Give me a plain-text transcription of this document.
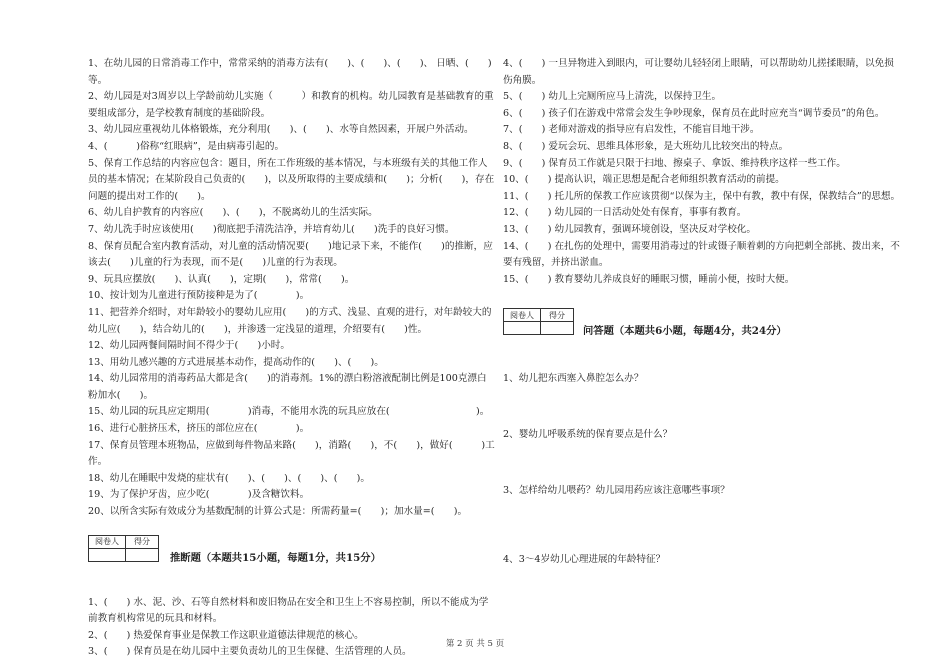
1、在幼儿园的日常消毒工作中，常常采纳的消毒方法有(　　)、(　　)、(　　)、 日晒、(　　)等。

2、幼儿园是对3周岁以上学龄前幼儿实施（　　　）和教育的机构。幼儿园教育是基础教育的重要组成部分，是学校教育制度的基础阶段。

3、幼儿园应重视幼儿体格锻炼，充分利用(　　)、(　　)、水等自然因素，开展户外活动。

4、(　　　)俗称“红眼病”，是由病毒引起的。

5、保育工作总结的内容应包含：题目，所在工作班级的基本情况，与本班级有关的其他工作人员的基本情况；在某阶段自己负责的(　　)，以及所取得的主要成绩和(　　)；分析(　　)，存在问题的提出对工作的(　　)。

6、幼儿自护教育的内容应(　　)、(　　)，不脱离幼儿的生活实际。

7、幼儿洗手时应该使用(　　)彻底把手清洗洁净，并培育幼儿(　　)洗手的良好习惯。

8、保育员配合室内教育活动，对儿童的活动情况要(　　)地记录下来，不能作(　　)的推断，应该去(　　)儿童的行为表现，而不是(　　)儿童的行为表现。

9、玩具应摆放(　　)、认真(　　)，定期(　　)，常常(　　)。

10、按计划为儿童进行预防接种是为了(　　　　)。

11、把营养介绍时，对年龄较小的婴幼儿应用(　　)的方式、浅显、直观的进行，对年龄较大的幼儿应(　　)，结合幼儿的(　　)，并渗透一定浅显的道理，介绍要有(　　)性。

12、幼儿园两餐间隔时间不得少于(　　)小时。

13、用幼儿感兴趣的方式进展基本动作，提高动作的(　　)、(　　)。

14、幼儿园常用的消毒药品大都是含(　　)的消毒剂。1%的漂白粉溶液配制比例是100克漂白粉加水(　　)。

15、幼儿园的玩具应定期用(　　　　)消毒，不能用水洗的玩具应放在(　　　　　　　　　)。

16、进行心脏挤压术，挤压的部位应在(　　　　)。

17、保育员管理本班物品，应做到每件物品来路(　　)，消路(　　)，不(　　)，做好(　　　)工作。

18、幼儿在睡眠中发烧的症状有(　　)、(　　)、(　　)、(　　)。

19、为了保护牙齿，应少吃(　　　　)及含糖饮料。

20、以所含实际有效成分为基数配制的计算公式是：所需药量=(　　)；加水量=(　　)。

阅卷人	得分

推断题（本题共15小题，每题1分，共15分）

1、(　　) 水、泥、沙、石等自然材料和废旧物品在安全和卫生上不容易控制，所以不能成为学前教育机构常见的玩具和材料。

2、(　　) 热爱保育事业是保教工作这职业道德法律规范的核心。

3、(　　) 保育员是在幼儿园中主要负责幼儿的卫生保健、生活管理的人员。

4、(　　) 一旦异物进入到眼内，可让婴幼儿轻轻闭上眼睛，可以帮助幼儿搓揉眼睛，以免损伤角膜。

5、(　　) 幼儿上完厕所应马上清洗，以保持卫生。

6、(　　) 孩子们在游戏中常常会发生争吵现象，保育员在此时应充当“调节委员”的角色。

7、(　　) 老师对游戏的指导应有启发性，不能盲目地干涉。

8、(　　) 爱玩会玩、思维具体形象，是大班幼儿比较突出的特点。

9、(　　) 保育员工作就是只限于扫地、擦桌子、拿饭、维持秩序这样一些工作。

10、(　　) 提高认识，端正思想是配合老师组织教育活动的前提。

11、(　　) 托儿所的保教工作应该贯彻“以保为主，保中有教，教中有保，保教结合”的思想。

12、(　　) 幼儿园的一日活动处处有保育，事事有教育。

13、(　　) 幼儿园教育，强调环境创设，坚决反对学校化。

14、(　　) 在扎伤的处理中，需要用消毒过的针或镊子顺着刺的方向把刺全部挑、拨出来，不要有残留，并挤出淤血。

15、(　　) 教育婴幼儿养成良好的睡眠习惯，睡前小便，按时大便。

阅卷人	得分

问答题（本题共6小题，每题4分，共24分）

1、幼儿把东西塞入鼻腔怎么办？

2、婴幼儿呼吸系统的保育要点是什么？

3、怎样给幼儿喂药？幼儿园用药应该注意哪些事项？

4、3～4岁幼儿心理进展的年龄特征？

第 2 页 共 5 页
